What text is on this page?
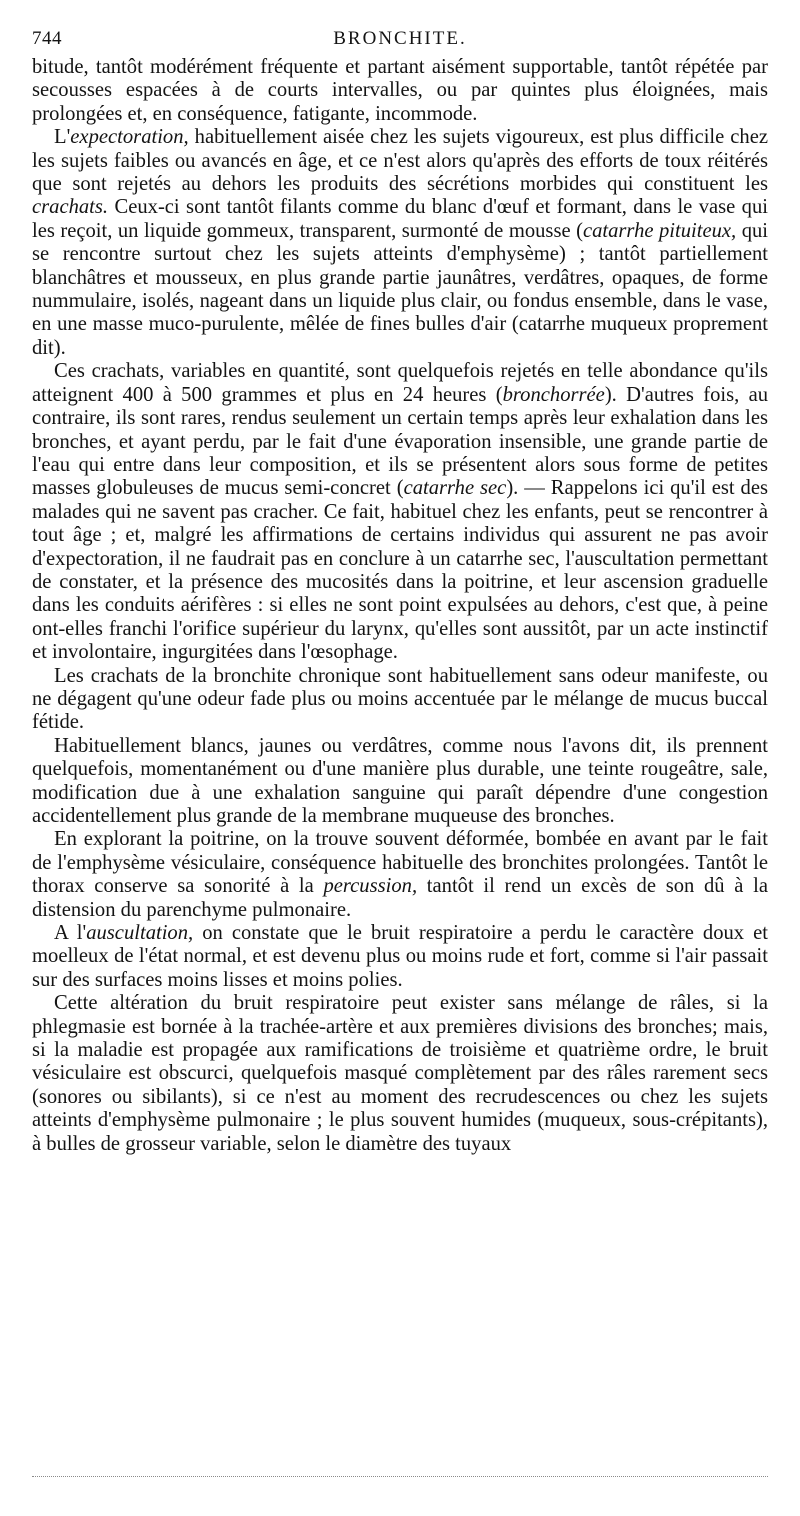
744	BRONCHITE.

bitude, tantôt modérément fréquente et partant aisément supportable, tantôt répétée par secousses espacées à de courts intervalles, ou par quintes plus éloignées, mais prolongées et, en conséquence, fatigante, incommode.

L'expectoration, habituellement aisée chez les sujets vigoureux, est plus difficile chez les sujets faibles ou avancés en âge, et ce n'est alors qu'après des efforts de toux réitérés que sont rejetés au dehors les produits des sécrétions morbides qui constituent les crachats. Ceux-ci sont tantôt filants comme du blanc d'œuf et formant, dans le vase qui les reçoit, un liquide gommeux, transparent, surmonté de mousse (catarrhe pituiteux, qui se rencontre surtout chez les sujets atteints d'emphysème) ; tantôt partiellement blanchâtres et mousseux, en plus grande partie jaunâtres, verdâtres, opaques, de forme nummulaire, isolés, nageant dans un liquide plus clair, ou fondus ensemble, dans le vase, en une masse muco-purulente, mêlée de fines bulles d'air (catarrhe muqueux proprement dit).

Ces crachats, variables en quantité, sont quelquefois rejetés en telle abondance qu'ils atteignent 400 à 500 grammes et plus en 24 heures (bronchorrée). D'autres fois, au contraire, ils sont rares, rendus seulement un certain temps après leur exhalation dans les bronches, et ayant perdu, par le fait d'une évaporation insensible, une grande partie de l'eau qui entre dans leur composition, et ils se présentent alors sous forme de petites masses globuleuses de mucus semi-concret (catarrhe sec). — Rappelons ici qu'il est des malades qui ne savent pas cracher. Ce fait, habituel chez les enfants, peut se rencontrer à tout âge ; et, malgré les affirmations de certains individus qui assurent ne pas avoir d'expectoration, il ne faudrait pas en conclure à un catarrhe sec, l'auscultation permettant de constater, et la présence des mucosités dans la poitrine, et leur ascension graduelle dans les conduits aérifères : si elles ne sont point expulsées au dehors, c'est que, à peine ont-elles franchi l'orifice supérieur du larynx, qu'elles sont aussitôt, par un acte instinctif et involontaire, ingurgitées dans l'œsophage.

Les crachats de la bronchite chronique sont habituellement sans odeur manifeste, ou ne dégagent qu'une odeur fade plus ou moins accentuée par le mélange de mucus buccal fétide.

Habituellement blancs, jaunes ou verdâtres, comme nous l'avons dit, ils prennent quelquefois, momentanément ou d'une manière plus durable, une teinte rougeâtre, sale, modification due à une exhalation sanguine qui paraît dépendre d'une congestion accidentellement plus grande de la membrane muqueuse des bronches.

En explorant la poitrine, on la trouve souvent déformée, bombée en avant par le fait de l'emphysème vésiculaire, conséquence habituelle des bronchites prolongées. Tantôt le thorax conserve sa sonorité à la percussion, tantôt il rend un excès de son dû à la distension du parenchyme pulmonaire.

A l'auscultation, on constate que le bruit respiratoire a perdu le caractère doux et moelleux de l'état normal, et est devenu plus ou moins rude et fort, comme si l'air passait sur des surfaces moins lisses et moins polies.

Cette altération du bruit respiratoire peut exister sans mélange de râles, si la phlegmasie est bornée à la trachée-artère et aux premières divisions des bronches; mais, si la maladie est propagée aux ramifications de troisième et quatrième ordre, le bruit vésiculaire est obscurci, quelquefois masqué complètement par des râles rarement secs (sonores ou sibilants), si ce n'est au moment des recrudescences ou chez les sujets atteints d'emphysème pulmonaire ; le plus souvent humides (muqueux, sous-crépitants), à bulles de grosseur variable, selon le diamètre des tuyaux
